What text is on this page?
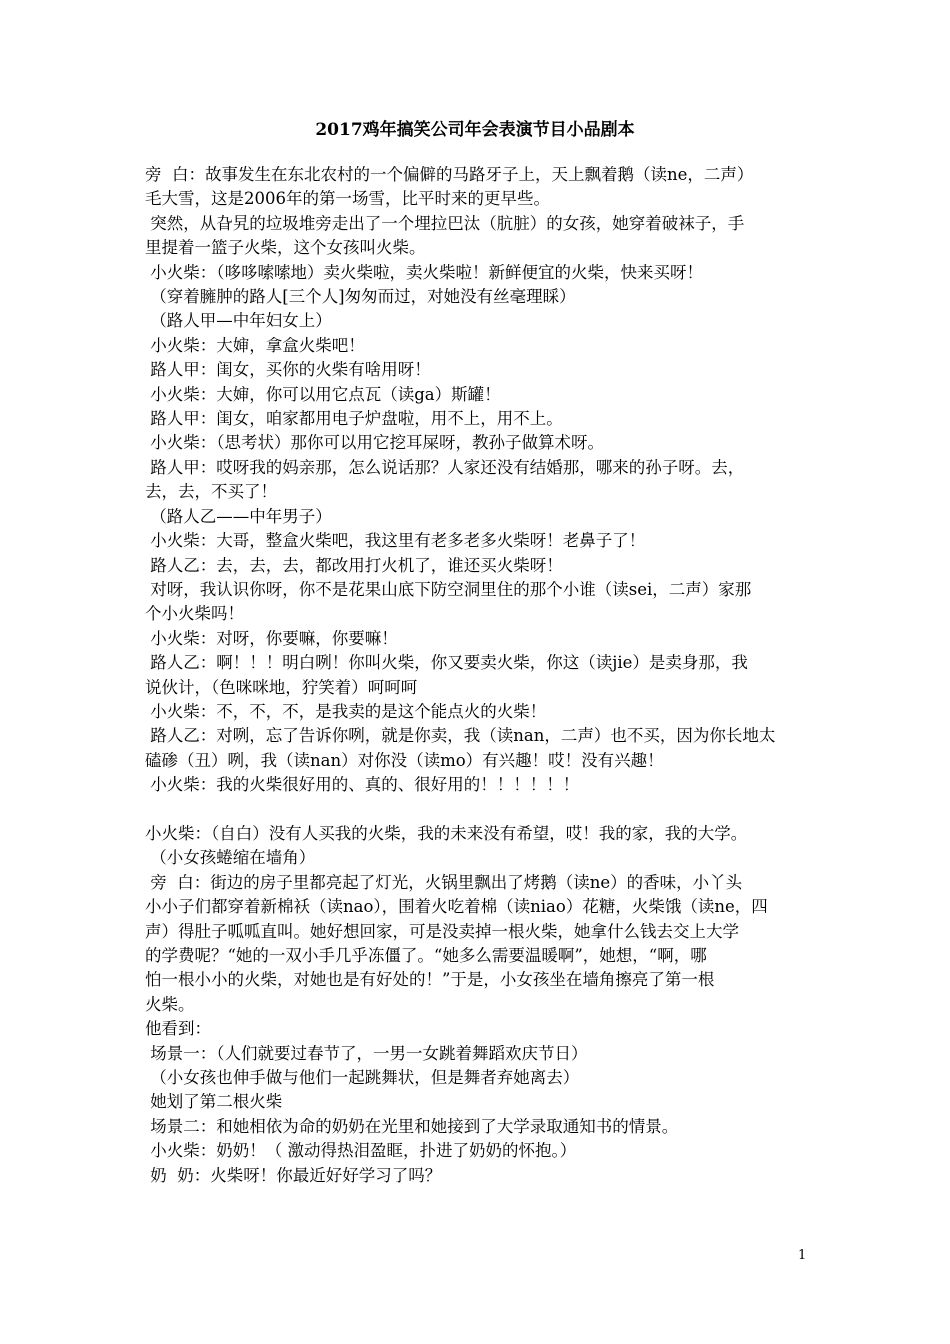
2017鸡年搞笑公司年会表演节目小品剧本
旁  白：故事发生在东北农村的一个偏僻的马路牙子上，天上飘着鹅（读ne，二声）
毛大雪，这是2006年的第一场雪，比平时来的更早些。
突然，从旮旯的垃圾堆旁走出了一个埋拉巴汰（肮脏）的女孩，她穿着破袜子，手
里提着一篮子火柴，这个女孩叫火柴。
小火柴：（哆哆嗦嗦地）卖火柴啦，卖火柴啦！新鲜便宜的火柴，快来买呀！
（穿着臃肿的路人[三个人]匆匆而过，对她没有丝毫理睬）
（路人甲—中年妇女上）
小火柴：大婶，拿盒火柴吧！
路人甲：闺女，买你的火柴有啥用呀！
小火柴：大婶，你可以用它点瓦（读ga）斯罐！
路人甲：闺女，咱家都用电子炉盘啦，用不上，用不上。
小火柴：（思考状）那你可以用它挖耳屎呀，教孙子做算术呀。
路人甲：哎呀我的妈亲那，怎么说话那？人家还没有结婚那，哪来的孙子呀。去，
去，去，不买了！
（路人乙——中年男子）
小火柴：大哥，整盒火柴吧，我这里有老多老多火柴呀！老鼻子了！
路人乙：去，去，去，都改用打火机了，谁还买火柴呀！
对呀，我认识你呀，你不是花果山底下防空洞里住的那个小谁（读sei，二声）家那
个小火柴吗！
小火柴：对呀，你要嘛，你要嘛！
路人乙：啊！！！明白咧！你叫火柴，你又要卖火柴，你这（读jie）是卖身那，我
说伙计，（色咪咪地，狞笑着）呵呵呵
小火柴：不，不，不，是我卖的是这个能点火的火柴！
路人乙：对咧，忘了告诉你咧，就是你卖，我（读nan，二声）也不买，因为你长地太
磕碜（丑）咧，我（读nan）对你没（读mo）有兴趣！哎！没有兴趣！
小火柴：我的火柴很好用的、真的、很好用的！！！！！！
小火柴：（自白）没有人买我的火柴，我的未来没有希望，哎！我的家，我的大学。
（小女孩蜷缩在墙角）
旁  白：街边的房子里都亮起了灯光，火锅里飘出了烤鹅（读ne）的香味，小丫头
小小子们都穿着新棉袄（读nao），围着火吃着棉（读niao）花糖，火柴饿（读ne，四
声）得肚子呱呱直叫。她好想回家，可是没卖掉一根火柴，她拿什么钱去交上大学
的学费呢？“她的一双小手几乎冻僵了。“她多么需要温暖啊”，她想，“啊，哪
怕一根小小的火柴，对她也是有好处的！”于是，小女孩坐在墙角擦亮了第一根
火柴。
他看到：
场景一：（人们就要过春节了，一男一女跳着舞蹈欢庆节日）
（小女孩也伸手做与他们一起跳舞状，但是舞者弃她离去）
她划了第二根火柴
场景二：和她相依为命的奶奶在光里和她接到了大学录取通知书的情景。
小火柴：奶奶！（ 激动得热泪盈眶，扑进了奶奶的怀抱。）
奶  奶：火柴呀！你最近好好学习了吗？
1
